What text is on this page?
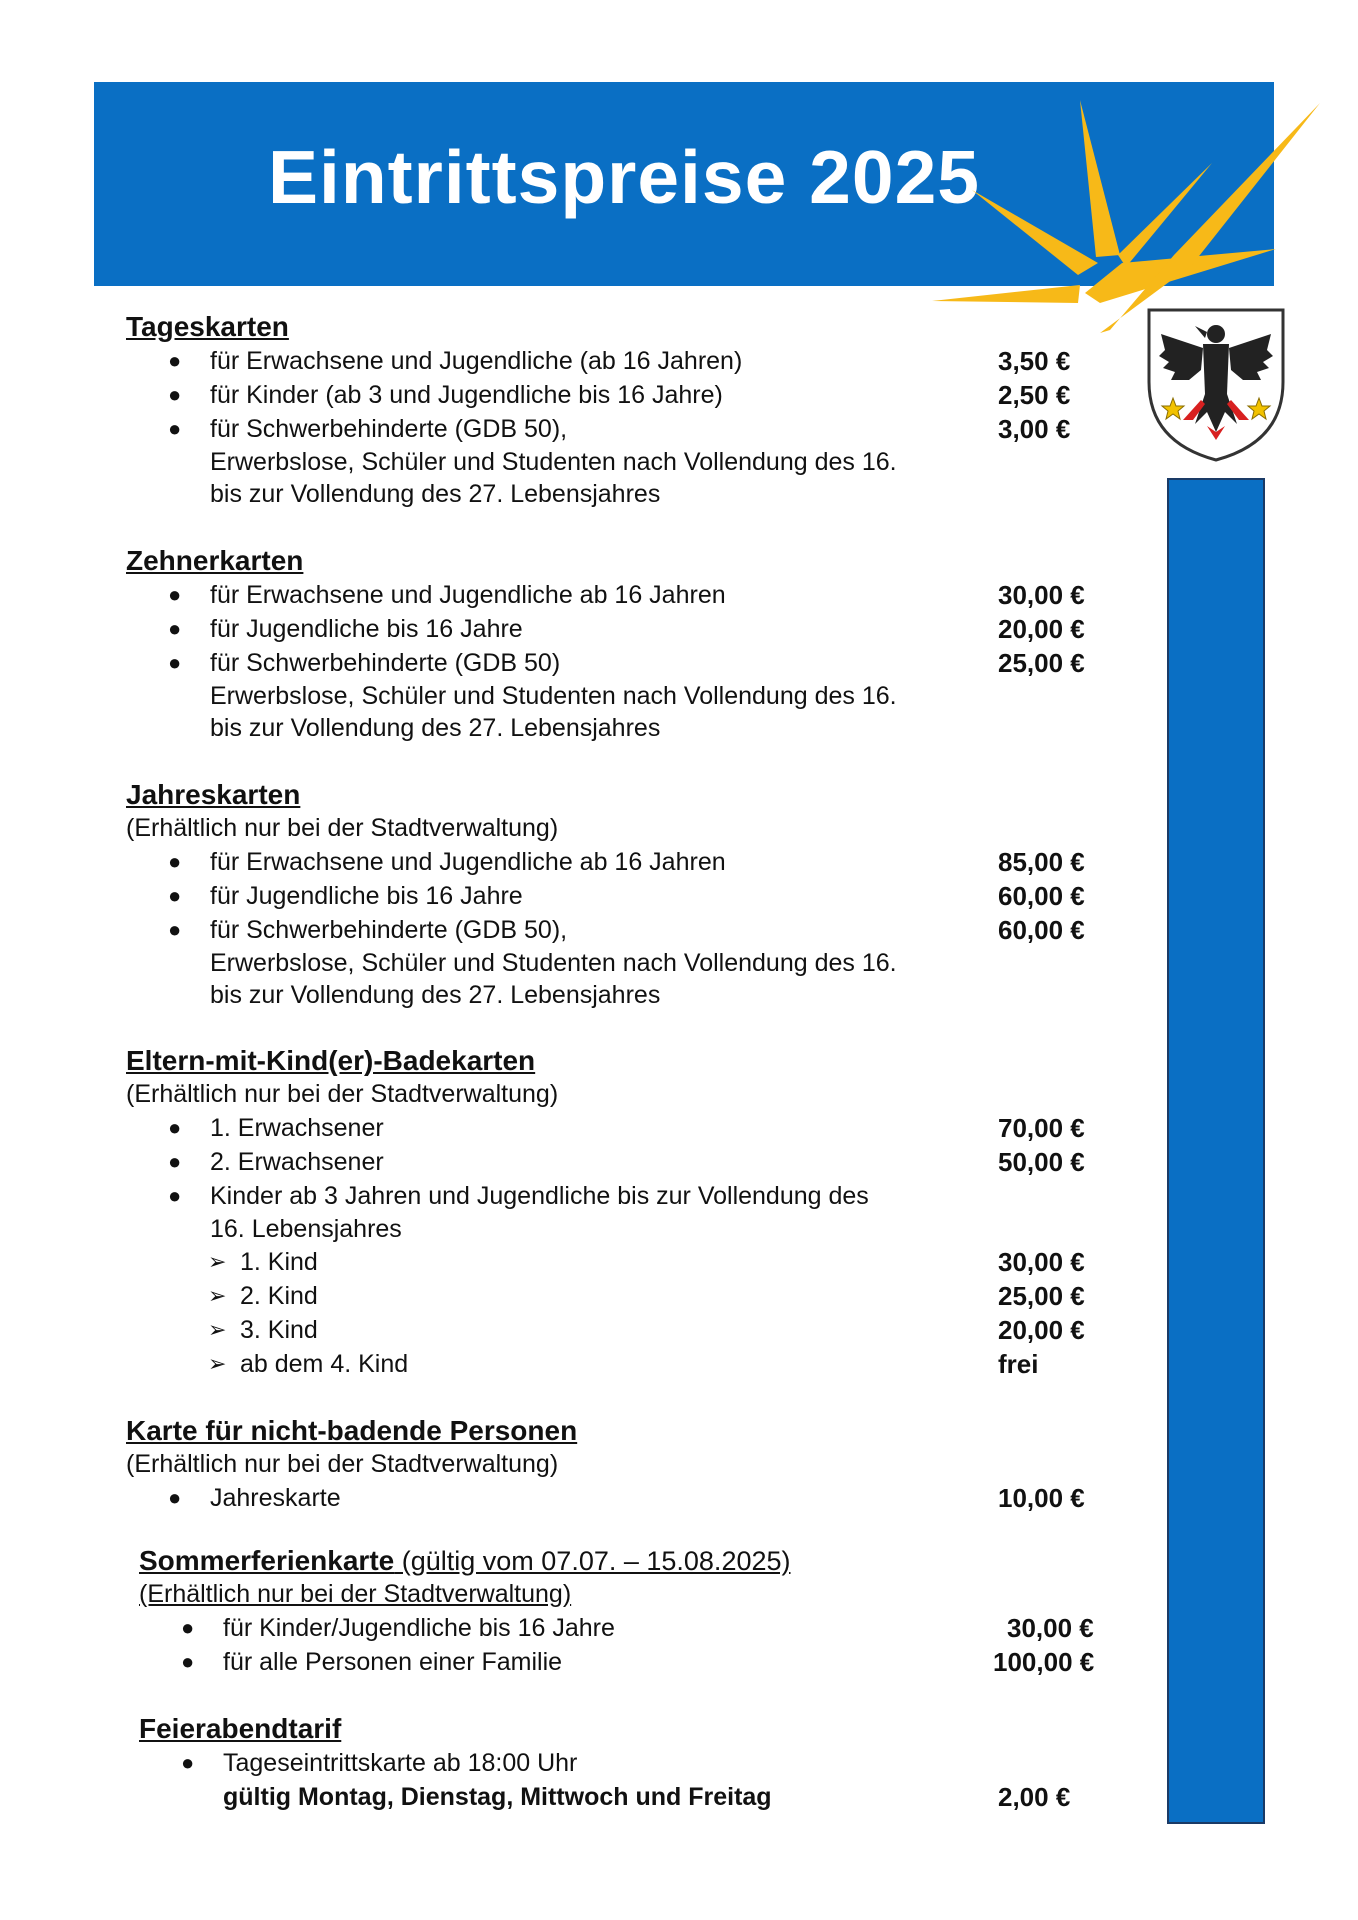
Eintrittspreise 2025
Tageskarten
● für Erwachsene und Jugendliche (ab 16 Jahren)	3,50 €
● für Kinder (ab 3 und Jugendliche bis 16 Jahre)	2,50 €
● für Schwerbehinderte (GDB 50),	3,00 €
Erwerbslose, Schüler und Studenten nach Vollendung des 16.
bis zur Vollendung des 27. Lebensjahres
Zehnerkarten
● für Erwachsene und Jugendliche ab 16 Jahren	30,00 €
● für Jugendliche bis 16 Jahre	20,00 €
● für Schwerbehinderte (GDB 50)	25,00 €
Erwerbslose, Schüler und Studenten nach Vollendung des 16.
bis zur Vollendung des 27. Lebensjahres
Jahreskarten
(Erhältlich nur bei der Stadtverwaltung)
● für Erwachsene und Jugendliche ab 16 Jahren	85,00 €
● für Jugendliche bis 16 Jahre	60,00 €
● für Schwerbehinderte (GDB 50),	60,00 €
Erwerbslose, Schüler und Studenten nach Vollendung des 16.
bis zur Vollendung des 27. Lebensjahres
Eltern-mit-Kind(er)-Badekarten
(Erhältlich nur bei der Stadtverwaltung)
● 1. Erwachsener	70,00 €
● 2. Erwachsener	50,00 €
● Kinder ab 3 Jahren und Jugendliche bis zur Vollendung des
16. Lebensjahres
➢ 1. Kind	30,00 €
➢ 2. Kind	25,00 €
➢ 3. Kind	20,00 €
➢ ab dem 4. Kind	frei
Karte für nicht-badende Personen
(Erhältlich nur bei der Stadtverwaltung)
● Jahreskarte	10,00 €
Sommerferienkarte (gültig vom 07.07. – 15.08.2025)
(Erhältlich nur bei der Stadtverwaltung)
● für Kinder/Jugendliche bis 16 Jahre	30,00 €
● für alle Personen einer Familie	100,00 €
Feierabendtarif
● Tageseintrittskarte ab 18:00 Uhr
gültig Montag, Dienstag, Mittwoch und Freitag	2,00 €
